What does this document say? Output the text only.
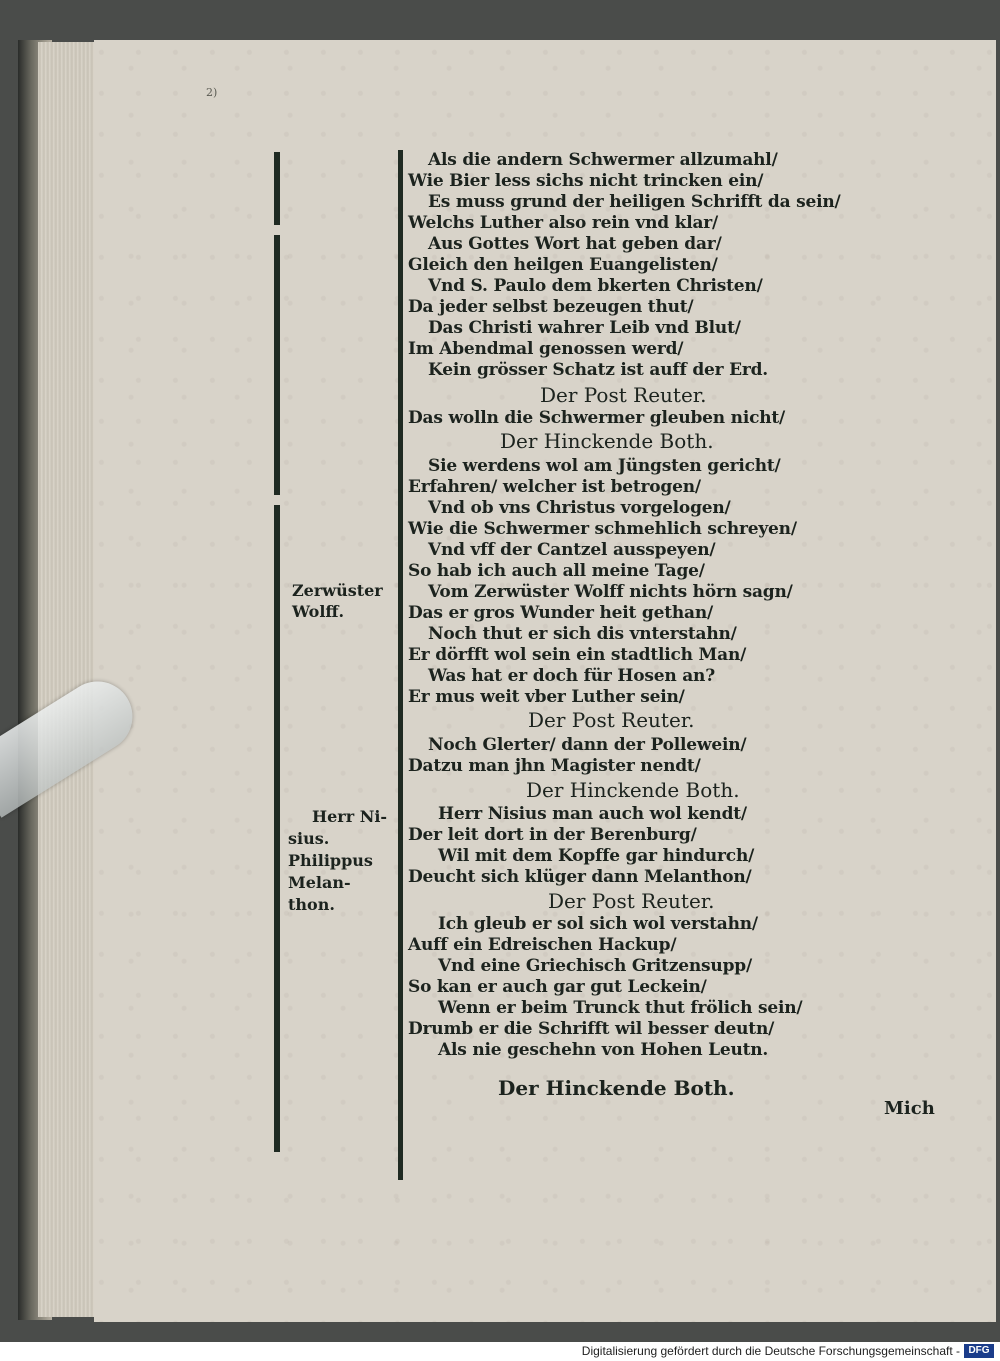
2)
Zerwüster
Wolff.
Herr Ni-
sius.
Philippus
Melan-
thon.
Als die andern Schwermer allzumahl/
Wie Bier less sichs nicht trincken ein/
Es muss grund der heiligen Schrifft da sein/
Welchs Luther also rein vnd klar/
Aus Gottes Wort hat geben dar/
Gleich den heilgen Euangelisten/
Vnd S. Paulo dem bkerten Christen/
Da jeder selbst bezeugen thut/
Das Christi wahrer Leib vnd Blut/
Im Abendmal genossen werd/
Kein grösser Schatz ist auff der Erd.
Der Post Reuter.
Das wolln die Schwermer gleuben nicht/
Der Hinckende Both.
Sie werdens wol am Jüngsten gericht/
Erfahren/ welcher ist betrogen/
Vnd ob vns Christus vorgelogen/
Wie die Schwermer schmehlich schreyen/
Vnd vff der Cantzel ausspeyen/
So hab ich auch all meine Tage/
Vom Zerwüster Wolff nichts hörn sagn/
Das er gros Wunder heit gethan/
Noch thut er sich dis vnterstahn/
Er dörfft wol sein ein stadtlich Man/
Was hat er doch für Hosen an?
Er mus weit vber Luther sein/
Der Post Reuter.
Noch Glerter/ dann der Pollewein/
Datzu man jhn Magister nendt/
Der Hinckende Both.
Herr Nisius man auch wol kendt/
Der leit dort in der Berenburg/
Wil mit dem Kopffe gar hindurch/
Deucht sich klüger dann Melanthon/
Der Post Reuter.
Ich gleub er sol sich wol verstahn/
Auff ein Edreischen Hackup/
Vnd eine Griechisch Gritzensupp/
So kan er auch gar gut Leckein/
Wenn er beim Trunck thut frölich sein/
Drumb er die Schrifft wil besser deutn/
Als nie geschehn von Hohen Leutn.
Der Hinckende Both.
Mich
Digitalisierung gefördert durch die Deutsche Forschungsgemeinschaft - DFG
